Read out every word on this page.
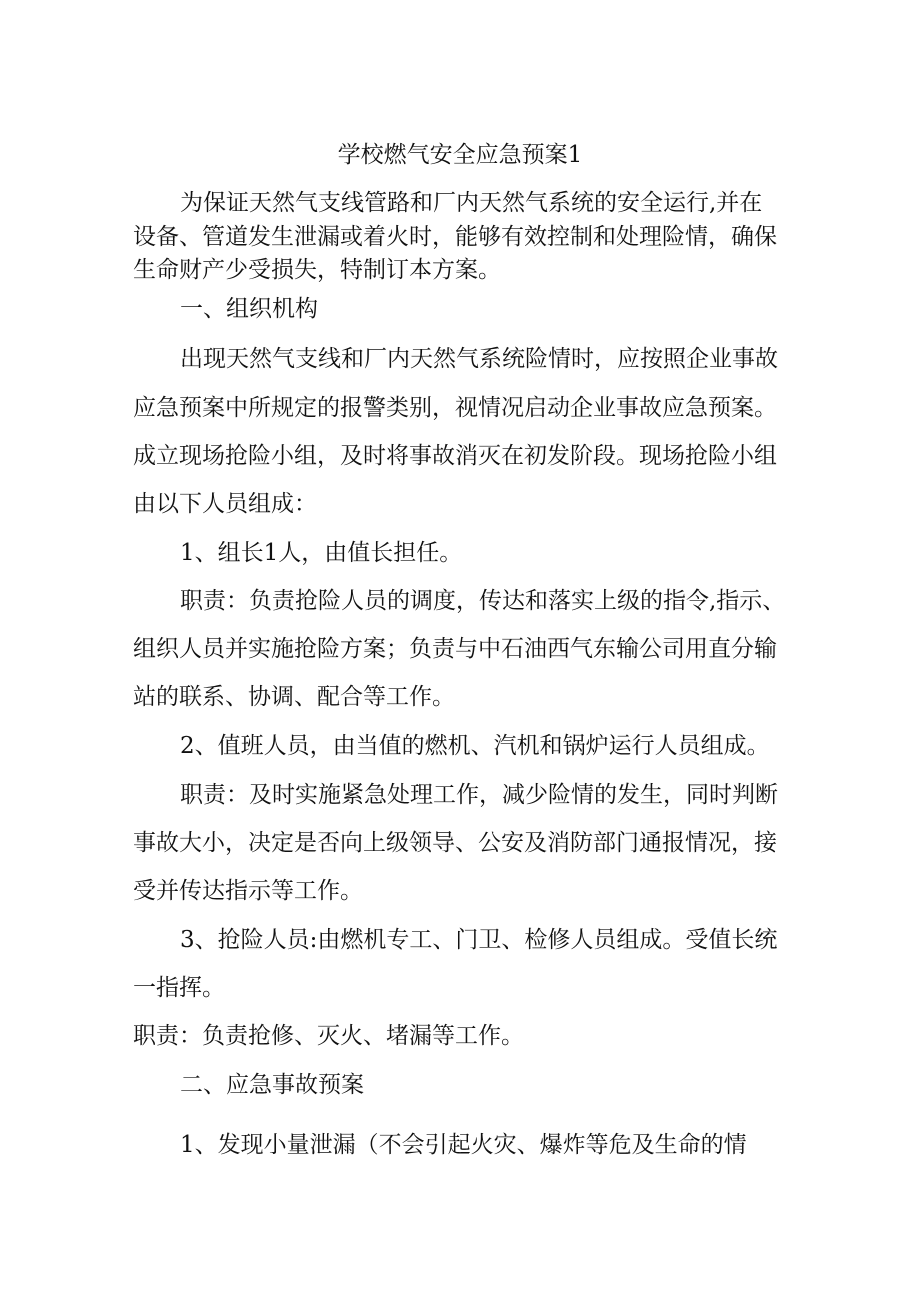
学校燃气安全应急预案1
为保证天然气支线管路和厂内天然气系统的安全运行,并在
设备、管道发生泄漏或着火时，能够有效控制和处理险情，确保
生命财产少受损失，特制订本方案。
一、组织机构
出现天然气支线和厂内天然气系统险情时，应按照企业事故
应急预案中所规定的报警类别，视情况启动企业事故应急预案。
成立现场抢险小组，及时将事故消灭在初发阶段。现场抢险小组
由以下人员组成：
1、组长1人，由值长担任。
职责：负责抢险人员的调度，传达和落实上级的指令,指示、
组织人员并实施抢险方案；负责与中石油西气东输公司用直分输
站的联系、协调、配合等工作。
2、值班人员，由当值的燃机、汽机和锅炉运行人员组成。
职责：及时实施紧急处理工作，减少险情的发生，同时判断
事故大小，决定是否向上级领导、公安及消防部门通报情况，接
受并传达指示等工作。
3、抢险人员:由燃机专工、门卫、检修人员组成。受值长统
一指挥。
职责：负责抢修、灭火、堵漏等工作。
二、应急事故预案
1、发现小量泄漏（不会引起火灾、爆炸等危及生命的情
